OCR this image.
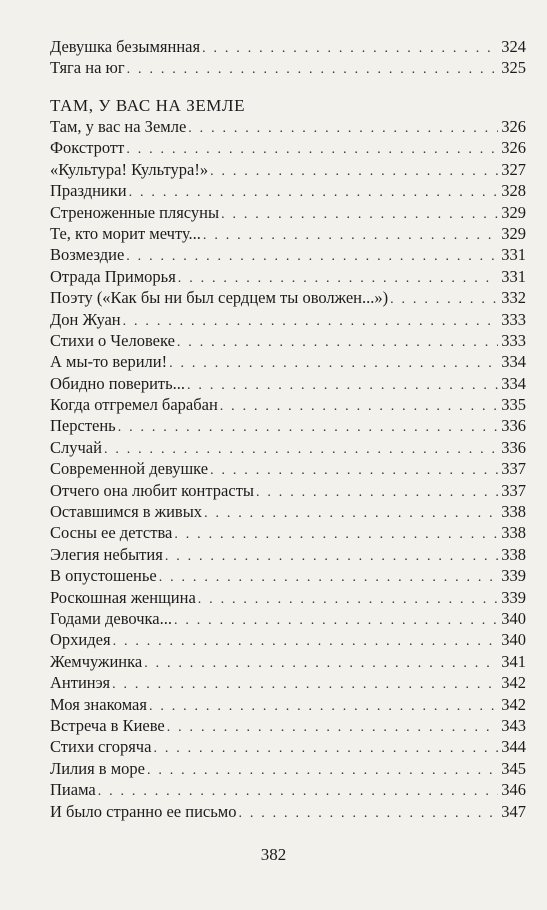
Девушка безымянная . . .	324
Тяга на юг . . .	325
ТАМ, У ВАС НА ЗЕМЛЕ
Там, у вас на Земле . . .	326
Фокстротт . . .	326
«Культура! Культура!» . . .	327
Праздники . . .	328
Стреноженные плясуны . . .	329
Те, кто морит мечту... . . .	329
Возмездие . . .	331
Отрада Приморья . . .	331
Поэту («Как бы ни был сердцем ты оволжен...») . . .	332
Дон Жуан . . .	333
Стихи о Человеке . . .	333
А мы-то верили! . . .	334
Обидно поверить... . . .	334
Когда отгремел барабан . . .	335
Перстень . . .	336
Случай . . .	336
Современной девушке . . .	337
Отчего она любит контрасты . . .	337
Оставшимся в живых . . .	338
Сосны ее детства . . .	338
Элегия небытия . . .	338
В опустошенье . . .	339
Роскошная женщина . . .	339
Годами девочка... . . .	340
Орхидея . . .	340
Жемчужинка . . .	341
Антинэя . . .	342
Моя знакомая . . .	342
Встреча в Киеве . . .	343
Стихи сгоряча . . .	344
Лилия в море . . .	345
Пиама . . .	346
И было странно ее письмо . . .	347
382
